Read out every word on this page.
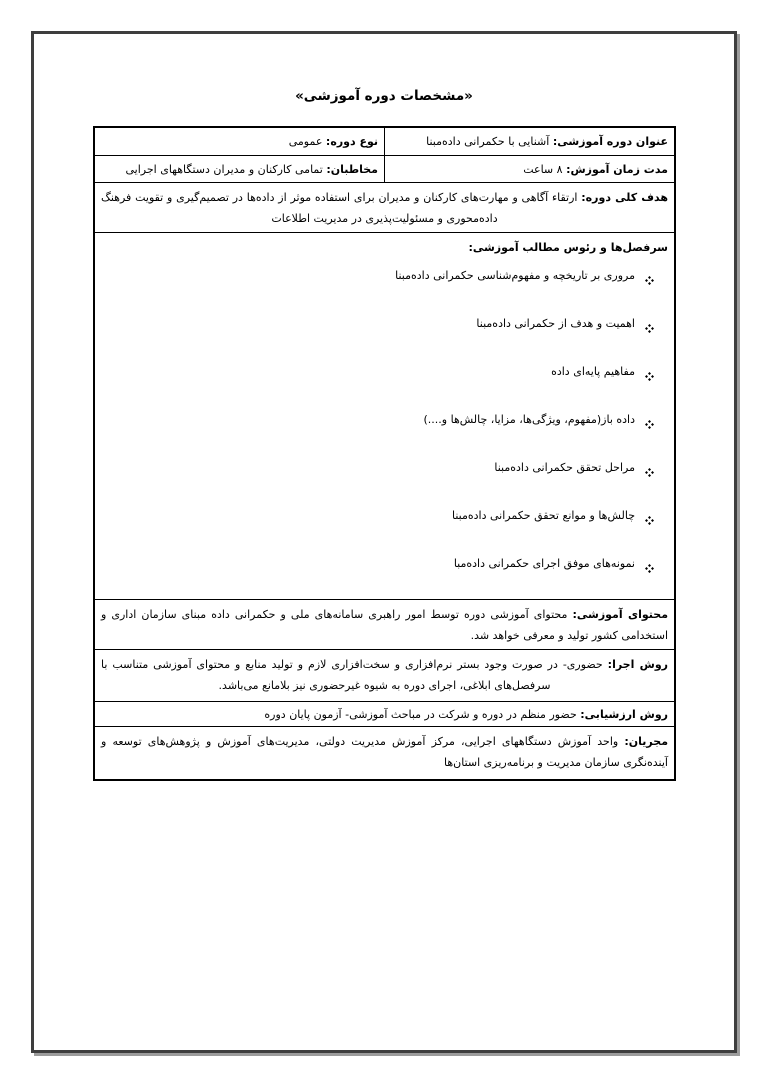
«مشخصات دوره آموزشی»
عنوان دوره آموزشی: آشنایی با حکمرانی داده‌مبنا
نوع دوره: عمومی
مدت زمان آموزش: ۸ ساعت
مخاطبان: تمامی کارکنان و مدیران دستگاههای اجرایی
هدف کلی دوره: ارتقاء آگاهی و مهارت‌های کارکنان و مدیران برای استفاده موثر از داده‌ها در تصمیم‌گیری و تقویت فرهنگ داده‌محوری و مسئولیت‌پذیری در مدیریت اطلاعات
سرفصل‌ها و رئوس مطالب آموزشی:
مروری بر تاریخچه و مفهوم‌شناسی حکمرانی داده‌مبنا
اهمیت و هدف از حکمرانی داده‌مبنا
مفاهیم پایه‌ای داده
داده باز(مفهوم، ویژگی‌ها، مزایا، چالش‌ها و....)
مراحل تحقق حکمرانی داده‌مبنا
چالش‌ها و موانع تحقق حکمرانی داده‌مبنا
نمونه‌های موفق اجرای حکمرانی داده‌مبا
محتوای آموزشی: محتوای آموزشی دوره توسط امور راهبری سامانه‌های ملی و حکمرانی داده مبنای سازمان اداری و استخدامی کشور تولید و معرفی خواهد شد.
روش اجرا: حضوری- در صورت وجود بستر نرم‌افزاری و سخت‌افزاری لازم و تولید منابع و محتوای آموزشی متناسب با سرفصل‌های ابلاغی، اجرای دوره به شیوه غیرحضوری نیز بلامانع می‌باشد.
روش ارزشیابی: حضور منظم در دوره و شرکت در مباحث آموزشی- آزمون پایان دوره
مجریان: واحد آموزش دستگاههای اجرایی، مرکز آموزش مدیریت دولتی، مدیریت‌های آموزش و پژوهش‌های توسعه و آینده‌نگری سازمان مدیریت و برنامه‌ریزی استان‌ها
